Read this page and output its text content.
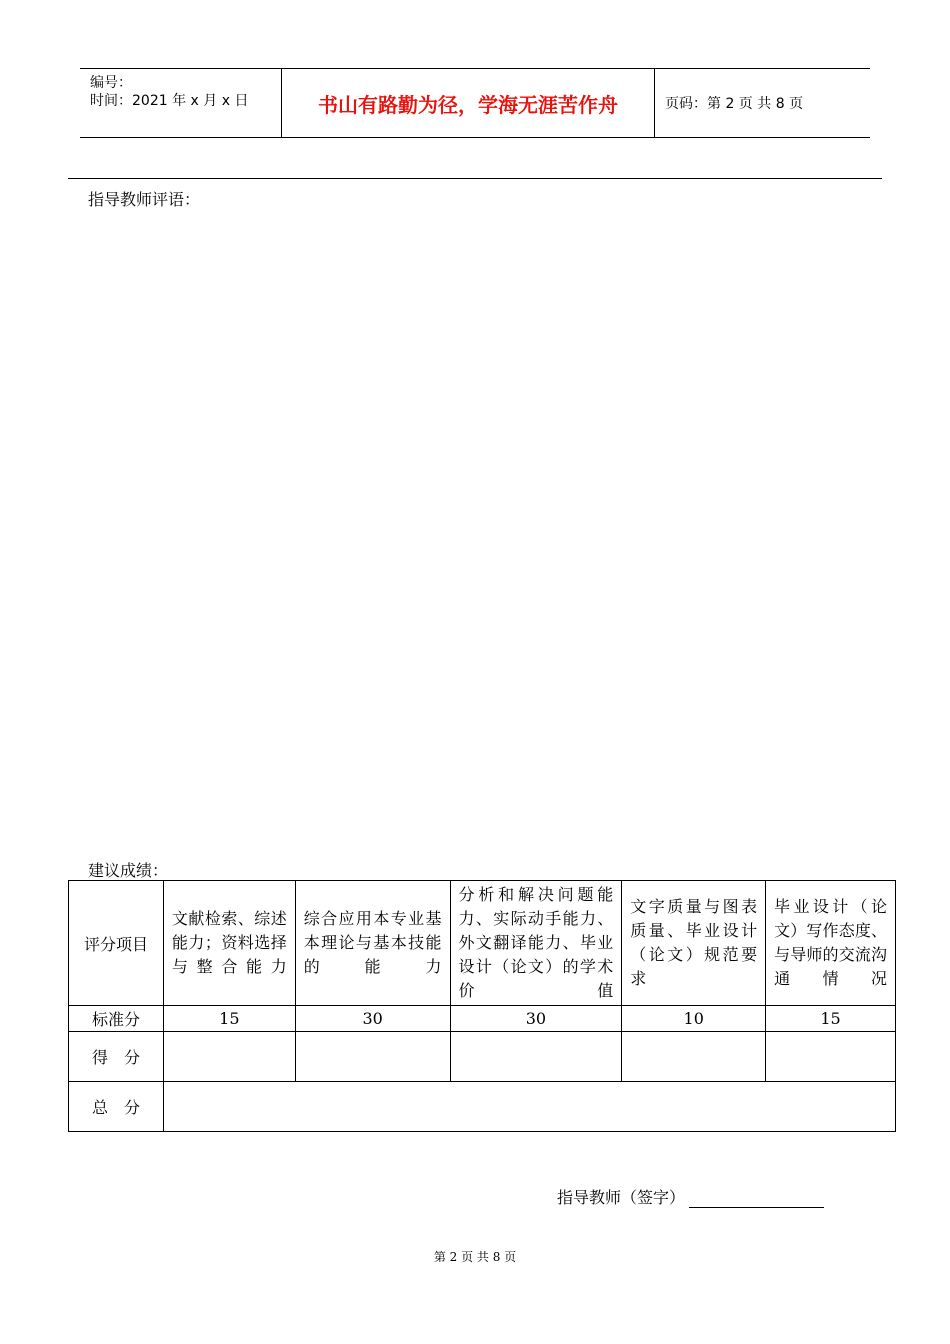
编号：
时间：2021 年 x 月 x 日	书山有路勤为径，学海无涯苦作舟	页码：第 2 页 共 8 页
指导教师评语：
建议成绩：
评分项目	文献检索、综述能力；资料选择与整合能力	综合应用本专业基本理论与基本技能的能力	分析和解决问题能力、实际动手能力、外文翻译能力、毕业设计（论文）的学术价值	文字质量与图表质量、毕业设计（论文）规范要求	毕业设计（论文）写作态度、与导师的交流沟通情况
标准分	15	30	30	10	15
得　分					
总　分					
指导教师（签字）
第 2 页 共 8 页
